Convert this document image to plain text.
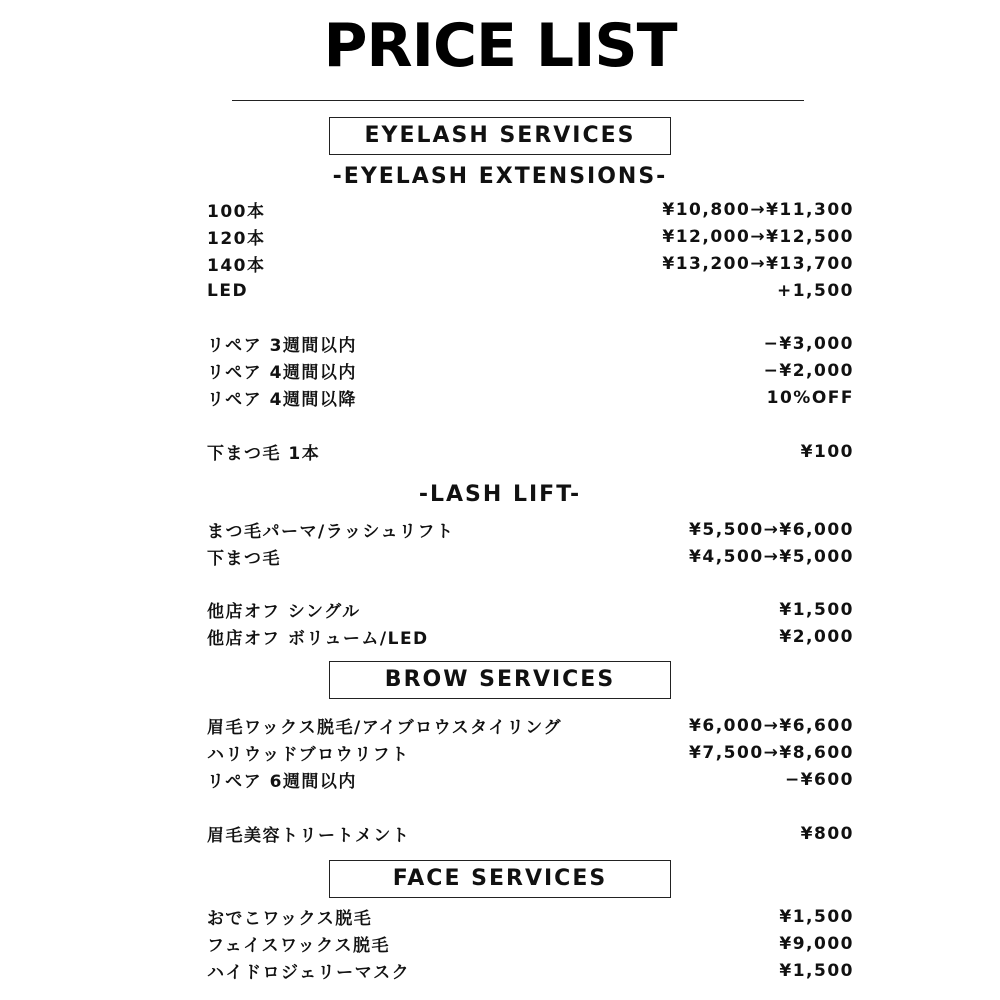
PRICE LIST
EYELASH SERVICES
-EYELASH EXTENSIONS-
100本	¥10,800→¥11,300
120本	¥12,000→¥12,500
140本	¥13,200→¥13,700
LED	+1,500
リペア 3週間以内	−¥3,000
リペア 4週間以内	−¥2,000
リペア 4週間以降	10%OFF
下まつ毛 1本	¥100
-LASH LIFT-
まつ毛パーマ/ラッシュリフト	¥5,500→¥6,000
下まつ毛	¥4,500→¥5,000
他店オフ シングル	¥1,500
他店オフ ボリューム/LED	¥2,000
BROW SERVICES
眉毛ワックス脱毛/アイブロウスタイリング	¥6,000→¥6,600
ハリウッドブロウリフト	¥7,500→¥8,600
リペア 6週間以内	−¥600
眉毛美容トリートメント	¥800
FACE SERVICES
おでこワックス脱毛	¥1,500
フェイスワックス脱毛	¥9,000
ハイドロジェリーマスク	¥1,500
